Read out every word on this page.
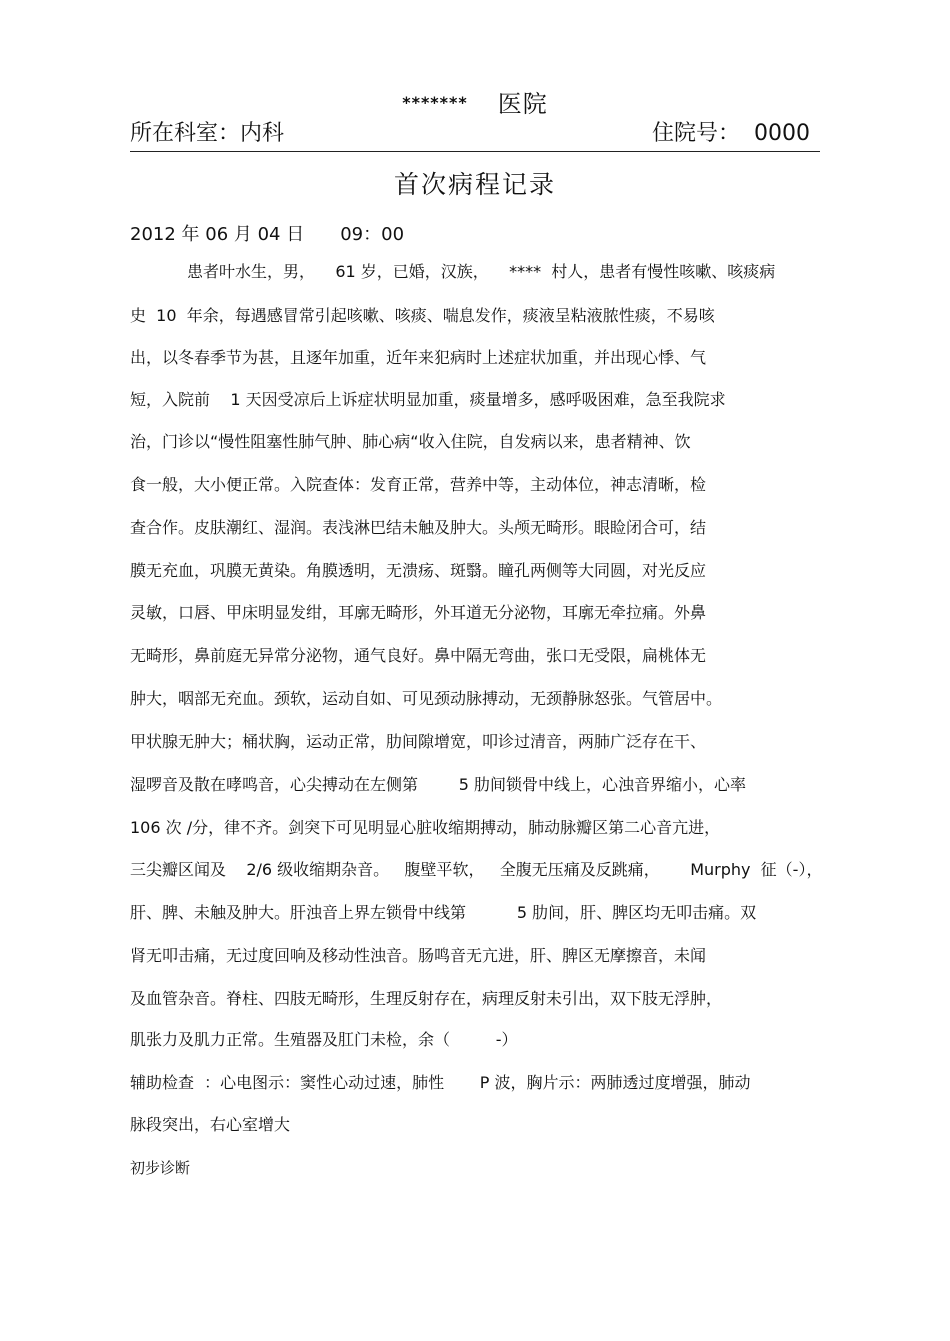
******* 医院
所在科室：内科	住院号： 0000
首次病程记录
2012 年 06 月 04 日 09：00
患者叶水生，男，    61 岁，已婚，汉族，    ****  村人，患者有慢性咳嗽、咳痰病
史  10  年余，每遇感冒常引起咳嗽、咳痰、喘息发作，痰液呈粘液脓性痰，不易咳
出，以冬春季节为甚，且逐年加重，近年来犯病时上述症状加重，并出现心悸、气
短，入院前    1 天因受凉后上诉症状明显加重，痰量增多，感呼吸困难，急至我院求
治，门诊以“慢性阻塞性肺气肿、肺心病“收入住院，自发病以来，患者精神、饮
食一般，大小便正常。入院查体：发育正常，营养中等，主动体位，神志清晰，检
查合作。皮肤潮红、湿润。表浅淋巴结未触及肿大。头颅无畸形。眼睑闭合可，结
膜无充血，巩膜无黄染。角膜透明，无溃疡、斑翳。瞳孔两侧等大同圆，对光反应
灵敏，口唇、甲床明显发绀，耳廓无畸形，外耳道无分泌物，耳廓无牵拉痛。外鼻
无畸形，鼻前庭无异常分泌物，通气良好。鼻中隔无弯曲，张口无受限，扁桃体无
肿大，咽部无充血。颈软，运动自如、可见颈动脉搏动，无颈静脉怒张。气管居中。
甲状腺无肿大；桶状胸，运动正常，肋间隙增宽，叩诊过清音，两肺广泛存在干、
湿啰音及散在哮鸣音，心尖搏动在左侧第        5 肋间锁骨中线上，心浊音界缩小，心率
106 次 /分，律不齐。剑突下可见明显心脏收缩期搏动，肺动脉瓣区第二心音亢进，
三尖瓣区闻及    2/6 级收缩期杂音。   腹壁平软，   全腹无压痛及反跳痛，      Murphy  征（-），
肝、脾、未触及肿大。肝浊音上界左锁骨中线第          5 肋间，肝、脾区均无叩击痛。双
肾无叩击痛，无过度回响及移动性浊音。肠鸣音无亢进，肝、脾区无摩擦音，未闻
及血管杂音。脊柱、四肢无畸形，生理反射存在，病理反射未引出，双下肢无浮肿，
肌张力及肌力正常。生殖器及肛门未检，余（         -）
辅助检查  ：心电图示：窦性心动过速，肺性       P 波，胸片示：两肺透过度增强，肺动
脉段突出，右心室增大
初步诊断
